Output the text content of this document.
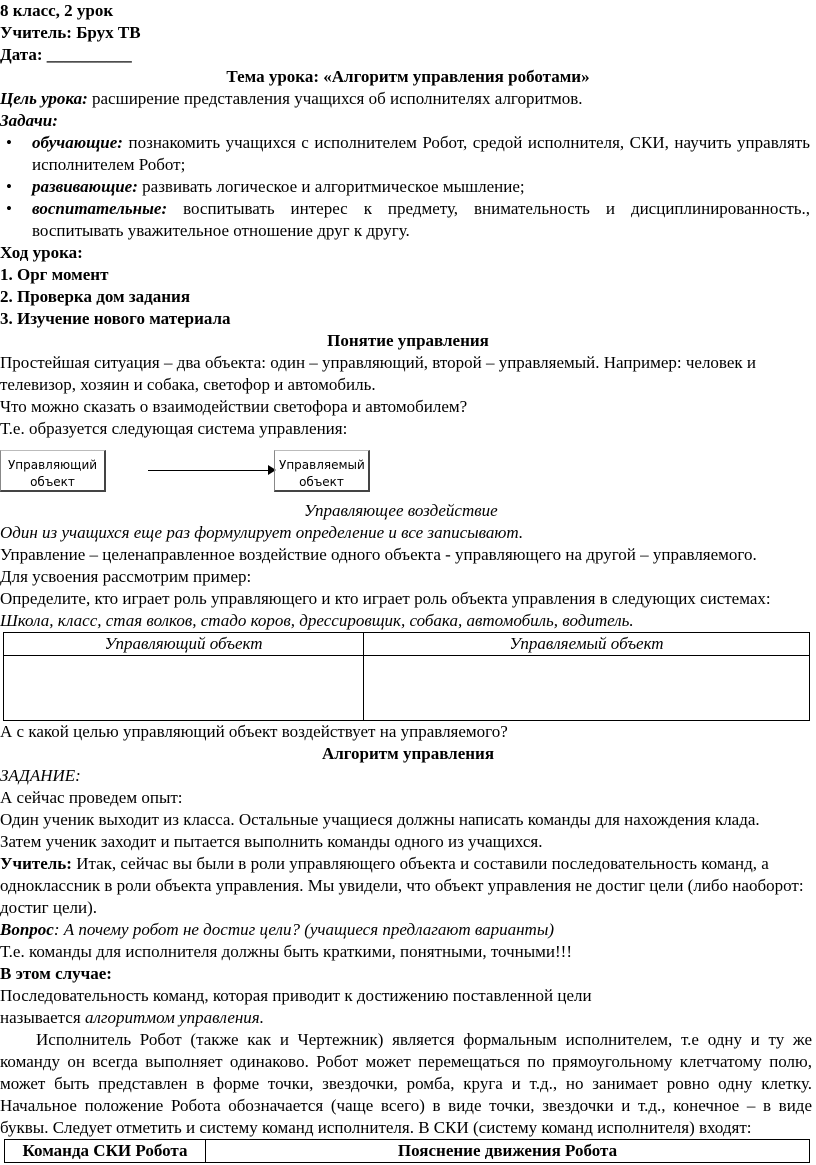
8 класс, 2 урок
Учитель: Брух ТВ
Дата: __________
Тема урока: «Алгоритм управления роботами»
Цель урока: расширение представления учащихся об исполнителях алгоритмов.
Задачи:
• обучающие: познакомить учащихся с исполнителем Робот, средой исполнителя, СКИ, научить управлять исполнителем Робот;
• развивающие: развивать логическое и алгоритмическое мышление;
• воспитательные: воспитывать интерес к предмету, внимательность и дисциплинированность., воспитывать уважительное отношение друг к другу.
Ход урока:
1. Орг момент
2. Проверка дом задания
3. Изучение нового материала
Понятие управления
Простейшая ситуация – два объекта: один – управляющий, второй – управляемый. Например: человек и телевизор, хозяин и собака, светофор и автомобиль.
Что можно сказать о взаимодействии светофора и автомобилем?
Т.е. образуется следующая система управления:
Управляющий
объект
Управляемый
объект
Управляющее воздействие
Один из учащихся еще раз формулирует определение и все записывают.
Управление – целенаправленное воздействие одного объекта - управляющего на другой – управляемого.
Для усвоения рассмотрим пример:
Определите, кто играет роль управляющего и кто играет роль объекта управления в следующих системах:
Школа, класс, стая волков, стадо коров, дрессировщик, собака, автомобиль, водитель.
Управляющий объект	Управляемый объект

А с какой целью управляющий объект воздействует на управляемого?
Алгоритм управления
ЗАДАНИЕ:
А сейчас проведем опыт:
Один ученик выходит из класса. Остальные учащиеся должны написать команды для нахождения клада. Затем ученик заходит и пытается выполнить команды одного из учащихся.
Учитель: Итак, сейчас вы были в роли управляющего объекта и составили последовательность команд, а одноклассник в роли объекта управления. Мы увидели, что объект управления не достиг цели (либо наоборот: достиг цели).
Вопрос: А почему робот не достиг цели? (учащиеся предлагают варианты)
Т.е. команды для исполнителя должны быть краткими, понятными, точными!!!
В этом случае:
Последовательность команд, которая приводит к достижению поставленной цели
называется алгоритмом управления.
Исполнитель Робот (также как и Чертежник) является формальным исполнителем, т.е одну и ту же команду он всегда выполняет одинаково. Робот может перемещаться по прямоугольному клетчатому полю, может быть представлен в форме точки, звездочки, ромба, круга и т.д., но занимает ровно одну клетку. Начальное положение Робота обозначается (чаще всего) в виде точки, звездочки и т.д., конечное – в виде буквы. Следует отметить и систему команд исполнителя. В СКИ (систему команд исполнителя) входят:
Команда СКИ Робота	Пояснение движения Робота
